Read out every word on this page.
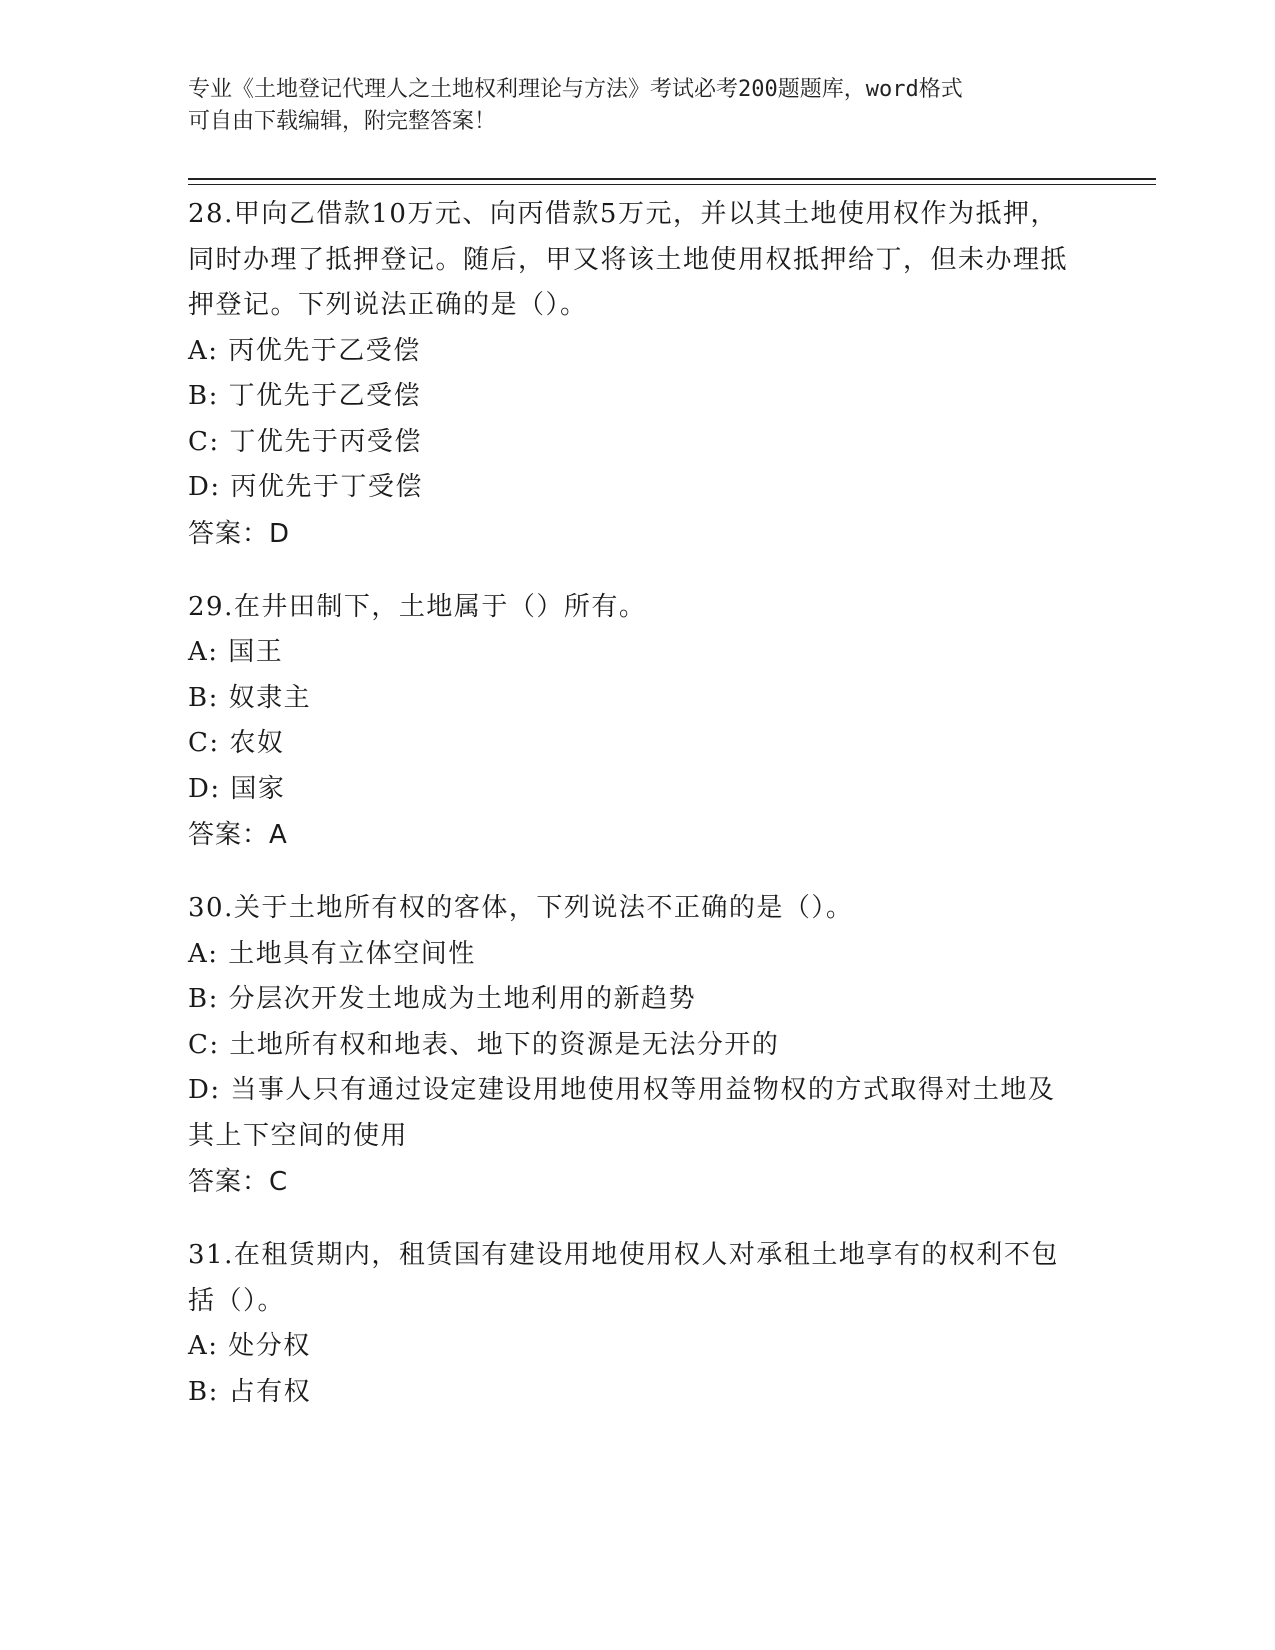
专业《土地登记代理人之土地权利理论与方法》考试必考200题题库，word格式
可自由下载编辑，附完整答案！
28.甲向乙借款10万元、向丙借款5万元，并以其土地使用权作为抵押，同时办理了抵押登记。随后，甲又将该土地使用权抵押给丁，但未办理抵押登记。下列说法正确的是（）。
A: 丙优先于乙受偿
B: 丁优先于乙受偿
C: 丁优先于丙受偿
D: 丙优先于丁受偿
答案：D
29.在井田制下，土地属于（）所有。
A: 国王
B: 奴隶主
C: 农奴
D: 国家
答案：A
30.关于土地所有权的客体，下列说法不正确的是（）。
A: 土地具有立体空间性
B: 分层次开发土地成为土地利用的新趋势
C: 土地所有权和地表、地下的资源是无法分开的
D: 当事人只有通过设定建设用地使用权等用益物权的方式取得对土地及其上下空间的使用
答案：C
31.在租赁期内，租赁国有建设用地使用权人对承租土地享有的权利不包括（）。
A: 处分权
B: 占有权
